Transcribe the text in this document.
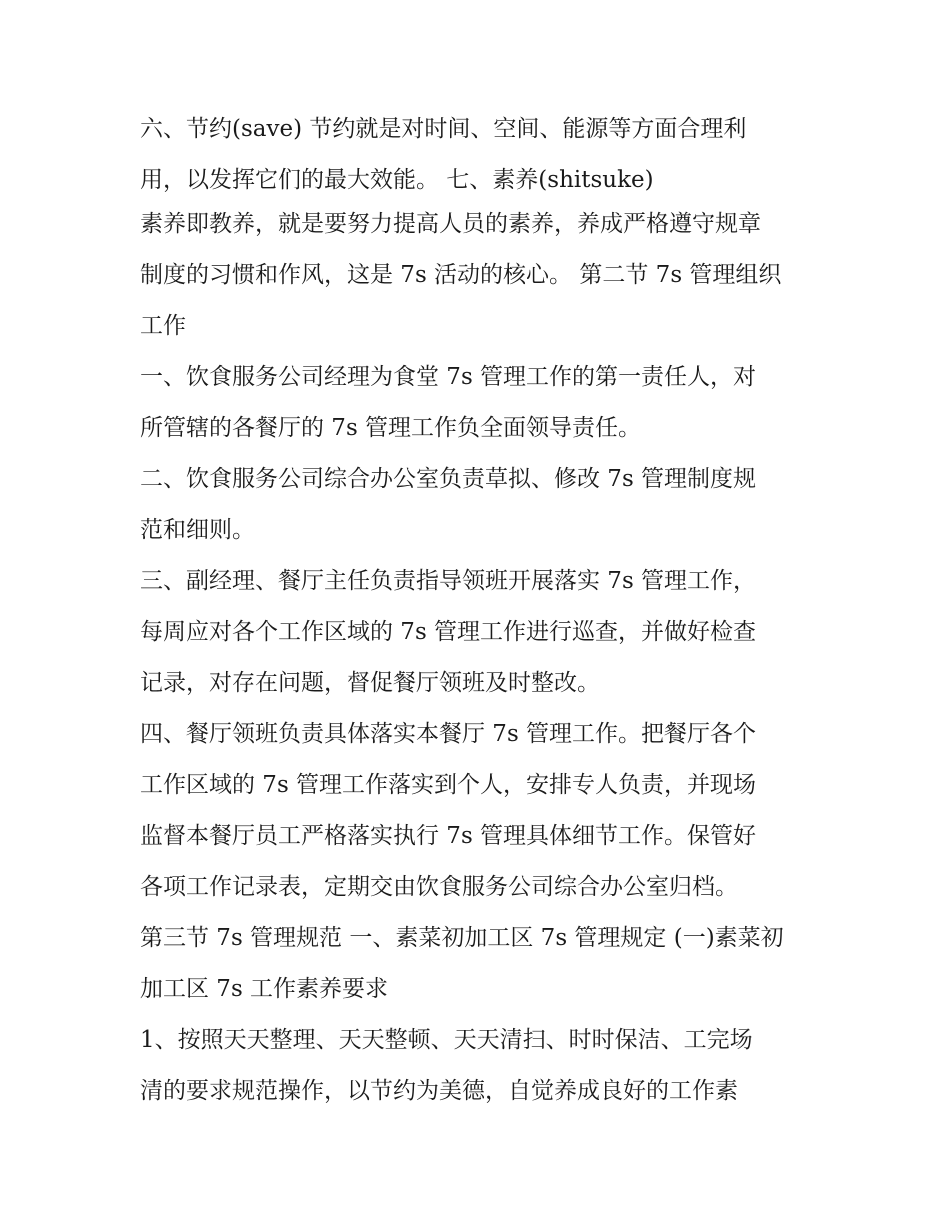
六、节约(save) 节约就是对时间、空间、能源等方面合理利
用，以发挥它们的最大效能。 七、素养(shitsuke)
素养即教养，就是要努力提高人员的素养，养成严格遵守规章
制度的习惯和作风，这是 7s 活动的核心。 第二节 7s 管理组织
工作
一、饮食服务公司经理为食堂 7s 管理工作的第一责任人，对
所管辖的各餐厅的 7s 管理工作负全面领导责任。
二、饮食服务公司综合办公室负责草拟、修改 7s 管理制度规
范和细则。
三、副经理、餐厅主任负责指导领班开展落实 7s 管理工作，
每周应对各个工作区域的 7s 管理工作进行巡查，并做好检查
记录，对存在问题，督促餐厅领班及时整改。
四、餐厅领班负责具体落实本餐厅 7s 管理工作。把餐厅各个
工作区域的 7s 管理工作落实到个人，安排专人负责，并现场
监督本餐厅员工严格落实执行 7s 管理具体细节工作。保管好
各项工作记录表，定期交由饮食服务公司综合办公室归档。
第三节 7s 管理规范 一、素菜初加工区 7s 管理规定 (一)素菜初
加工区 7s 工作素养要求
1、按照天天整理、天天整顿、天天清扫、时时保洁、工完场
清的要求规范操作，以节约为美德，自觉养成良好的工作素
